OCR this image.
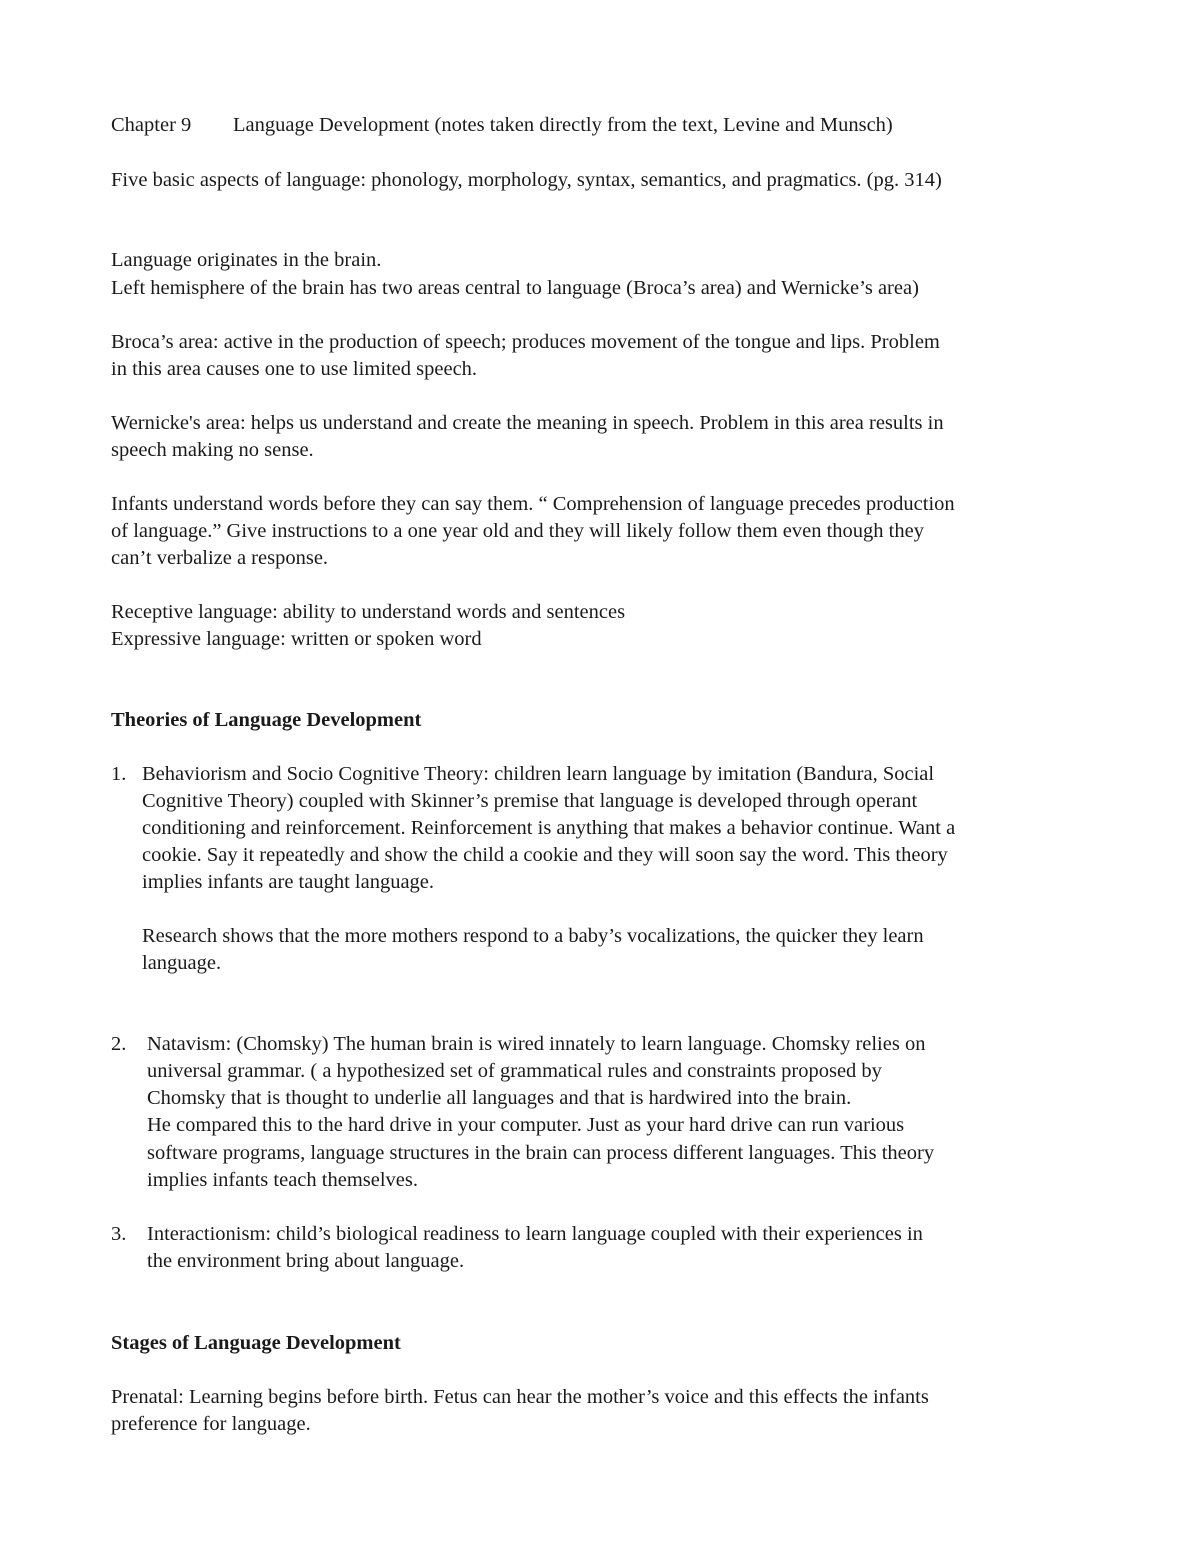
Chapter 9 Language Development (notes taken directly from the text, Levine and Munsch)
Five basic aspects of language: phonology, morphology, syntax, semantics, and pragmatics. (pg. 314)
Language originates in the brain.
Left hemisphere of the brain has two areas central to language (Broca’s area) and Wernicke’s area)
Broca’s area: active in the production of speech; produces movement of the tongue and lips. Problem
in this area causes one to use limited speech.
Wernicke's area: helps us understand and create the meaning in speech. Problem in this area results in
speech making no sense.
Infants understand words before they can say them. “ Comprehension of language precedes production
of language.” Give instructions to a one year old and they will likely follow them even though they
can’t verbalize a response.
Receptive language: ability to understand words and sentences
Expressive language: written or spoken word
Theories of Language Development
1. Behaviorism and Socio Cognitive Theory: children learn language by imitation (Bandura, Social
Cognitive Theory) coupled with Skinner’s premise that language is developed through operant
conditioning and reinforcement. Reinforcement is anything that makes a behavior continue. Want a
cookie. Say it repeatedly and show the child a cookie and they will soon say the word. This theory
implies infants are taught language.
Research shows that the more mothers respond to a baby’s vocalizations, the quicker they learn
language.
2. Natavism: (Chomsky) The human brain is wired innately to learn language. Chomsky relies on
universal grammar. ( a hypothesized set of grammatical rules and constraints proposed by
Chomsky that is thought to underlie all languages and that is hardwired into the brain.
He compared this to the hard drive in your computer. Just as your hard drive can run various
software programs, language structures in the brain can process different languages. This theory
implies infants teach themselves.
3. Interactionism: child’s biological readiness to learn language coupled with their experiences in
the environment bring about language.
Stages of Language Development
Prenatal: Learning begins before birth. Fetus can hear the mother’s voice and this effects the infants
preference for language.
